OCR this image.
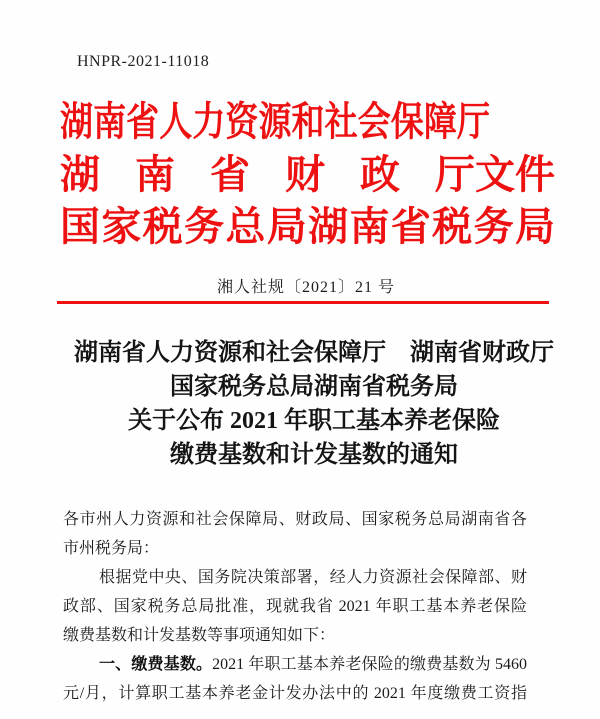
HNPR-2021-11018
湖 南 省 人 力 资 源 和 社 会 保 障 厅
湖 南 省 财 政 厅文件
国 家 税 务 总 局 湖 南 省 税 务 局
湘人社规〔2021〕21 号
湖南省人力资源和社会保障厅　湖南省财政厅
国家税务总局湖南省税务局
关于公布 2021 年职工基本养老保险
缴费基数和计发基数的通知
各市州人力资源和社会保障局、财政局、国家税务总局湖南省各
市州税务局：
根据党中央、国务院决策部署，经人力资源社会保障部、财
政部、国家税务总局批准，现就我省 2021 年职工基本养老保险
缴费基数和计发基数等事项通知如下：
一、缴费基数。2021 年职工基本养老保险的缴费基数为 5460
元/月，计算职工基本养老金计发办法中的 2021 年度缴费工资指
